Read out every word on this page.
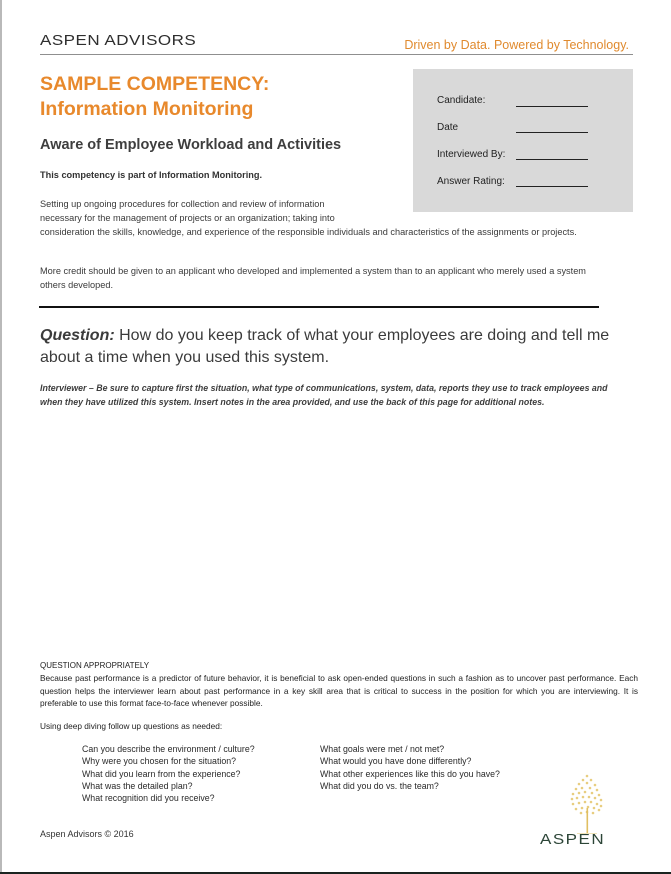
ASPEN ADVISORS	Driven by Data. Powered by Technology.
SAMPLE COMPETENCY:
Information Monitoring	Candidate:
Date
Interviewed By:
Answer Rating:
Aware of Employee Workload and Activities
This competency is part of Information Monitoring.
Setting up ongoing procedures for collection and review of information
necessary for the management of projects or an organization; taking into
consideration the skills, knowledge, and experience of the responsible individuals and characteristics of the assignments or projects.
More credit should be given to an applicant who developed and implemented a system than to an applicant who merely used a system others developed.
Question: How do you keep track of what your employees are doing and tell me about a time when you used this system.
Interviewer – Be sure to capture first the situation, what type of communications, system, data, reports they use to track employees and when they have utilized this system. Insert notes in the area provided, and use the back of this page for additional notes.
QUESTION APPROPRIATELY
Because past performance is a predictor of future behavior, it is beneficial to ask open-ended questions in such a fashion as to uncover past performance. Each question helps the interviewer learn about past performance in a key skill area that is critical to success in the position for which you are interviewing. It is preferable to use this format face-to-face whenever possible.
Using deep diving follow up questions as needed:
Can you describe the environment / culture?
Why were you chosen for the situation?
What did you learn from the experience?
What was the detailed plan?
What recognition did you receive?
What goals were met / not met?
What would you have done differently?
What other experiences like this do you have?
What did you do vs. the team?
Aspen Advisors © 2016	ASPEN
